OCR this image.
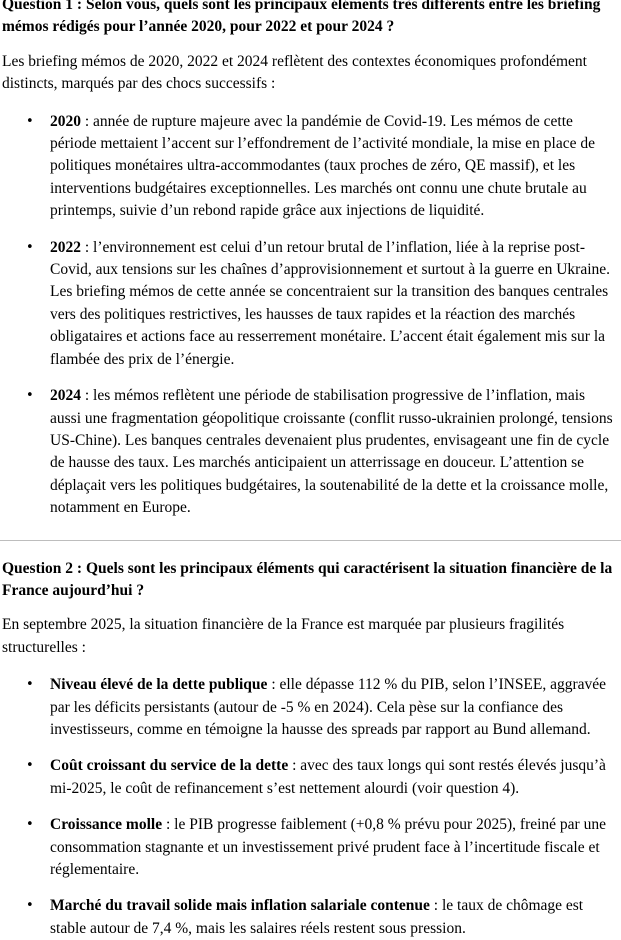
Question 1 : Selon vous, quels sont les principaux éléments très différents entre les briefing mémos rédigés pour l’année 2020, pour 2022 et pour 2024 ?

Les briefing mémos de 2020, 2022 et 2024 reflètent des contextes économiques profondément distincts, marqués par des chocs successifs :

• 2020 : année de rupture majeure avec la pandémie de Covid-19. Les mémos de cette période mettaient l’accent sur l’effondrement de l’activité mondiale, la mise en place de politiques monétaires ultra-accommodantes (taux proches de zéro, QE massif), et les interventions budgétaires exceptionnelles. Les marchés ont connu une chute brutale au printemps, suivie d’un rebond rapide grâce aux injections de liquidité.
• 2022 : l’environnement est celui d’un retour brutal de l’inflation, liée à la reprise post-Covid, aux tensions sur les chaînes d’approvisionnement et surtout à la guerre en Ukraine. Les briefing mémos de cette année se concentraient sur la transition des banques centrales vers des politiques restrictives, les hausses de taux rapides et la réaction des marchés obligataires et actions face au resserrement monétaire. L’accent était également mis sur la flambée des prix de l’énergie.
• 2024 : les mémos reflètent une période de stabilisation progressive de l’inflation, mais aussi une fragmentation géopolitique croissante (conflit russo-ukrainien prolongé, tensions US-Chine). Les banques centrales devenaient plus prudentes, envisageant une fin de cycle de hausse des taux. Les marchés anticipaient un atterrissage en douceur. L’attention se déplaçait vers les politiques budgétaires, la soutenabilité de la dette et la croissance molle, notamment en Europe.

Question 2 : Quels sont les principaux éléments qui caractérisent la situation financière de la France aujourd’hui ?

En septembre 2025, la situation financière de la France est marquée par plusieurs fragilités structurelles :

• Niveau élevé de la dette publique : elle dépasse 112 % du PIB, selon l’INSEE, aggravée par les déficits persistants (autour de -5 % en 2024). Cela pèse sur la confiance des investisseurs, comme en témoigne la hausse des spreads par rapport au Bund allemand.
• Coût croissant du service de la dette : avec des taux longs qui sont restés élevés jusqu’à mi-2025, le coût de refinancement s’est nettement alourdi (voir question 4).
• Croissance molle : le PIB progresse faiblement (+0,8 % prévu pour 2025), freiné par une consommation stagnante et un investissement privé prudent face à l’incertitude fiscale et réglementaire.
• Marché du travail solide mais inflation salariale contenue : le taux de chômage est stable autour de 7,4 %, mais les salaires réels restent sous pression.
